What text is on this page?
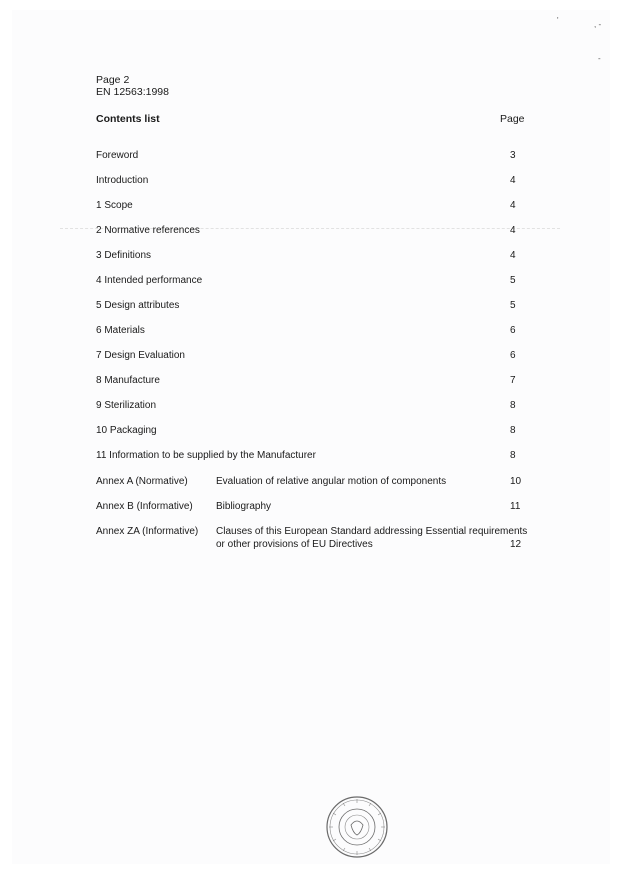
'	, -
-
Page 2
EN 12563:1998
Contents list	Page
Foreword	3
Introduction	4
1 Scope	4
2 Normative references	4
3 Definitions	4
4 Intended performance	5
5 Design attributes	5
6 Materials	6
7 Design Evaluation	6
8 Manufacture	7
9 Sterilization	8
10 Packaging	8
11 Information to be supplied by the Manufacturer	8
Annex A (Normative)	Evaluation of relative angular motion of components	10
Annex B (Informative) Bibliography	11
Annex ZA (Informative) Clauses of this European Standard addressing Essential requirements
or other provisions of EU Directives	12
